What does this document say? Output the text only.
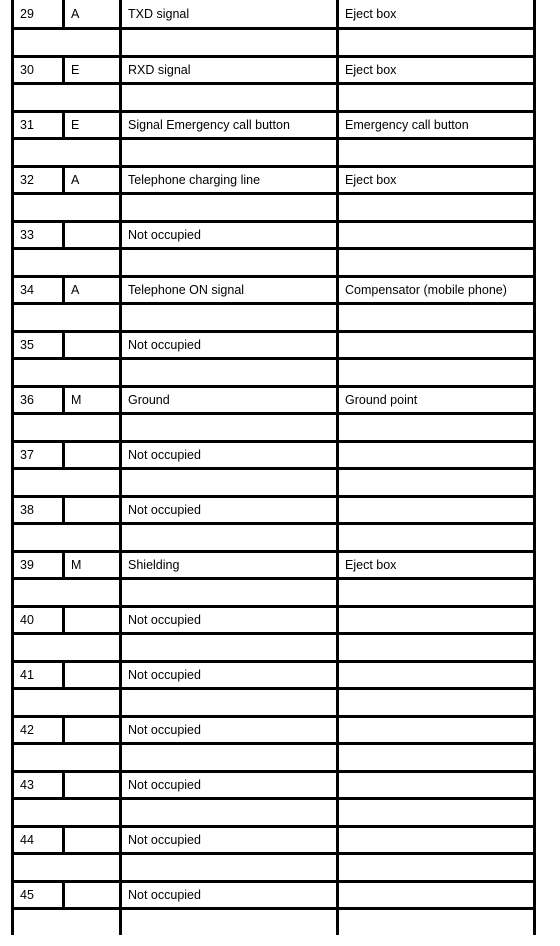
29	A	TXD signal	Eject box

30	E	RXD signal	Eject box

31	E	Signal Emergency call button	Emergency call button

32	A	Telephone charging line	Eject box

33		Not occupied	

34	A	Telephone ON signal	Compensator (mobile phone)

35		Not occupied	

36	M	Ground	Ground point

37		Not occupied	

38		Not occupied	

39	M	Shielding	Eject box

40		Not occupied	

41		Not occupied	

42		Not occupied	

43		Not occupied	

44		Not occupied	

45		Not occupied	
